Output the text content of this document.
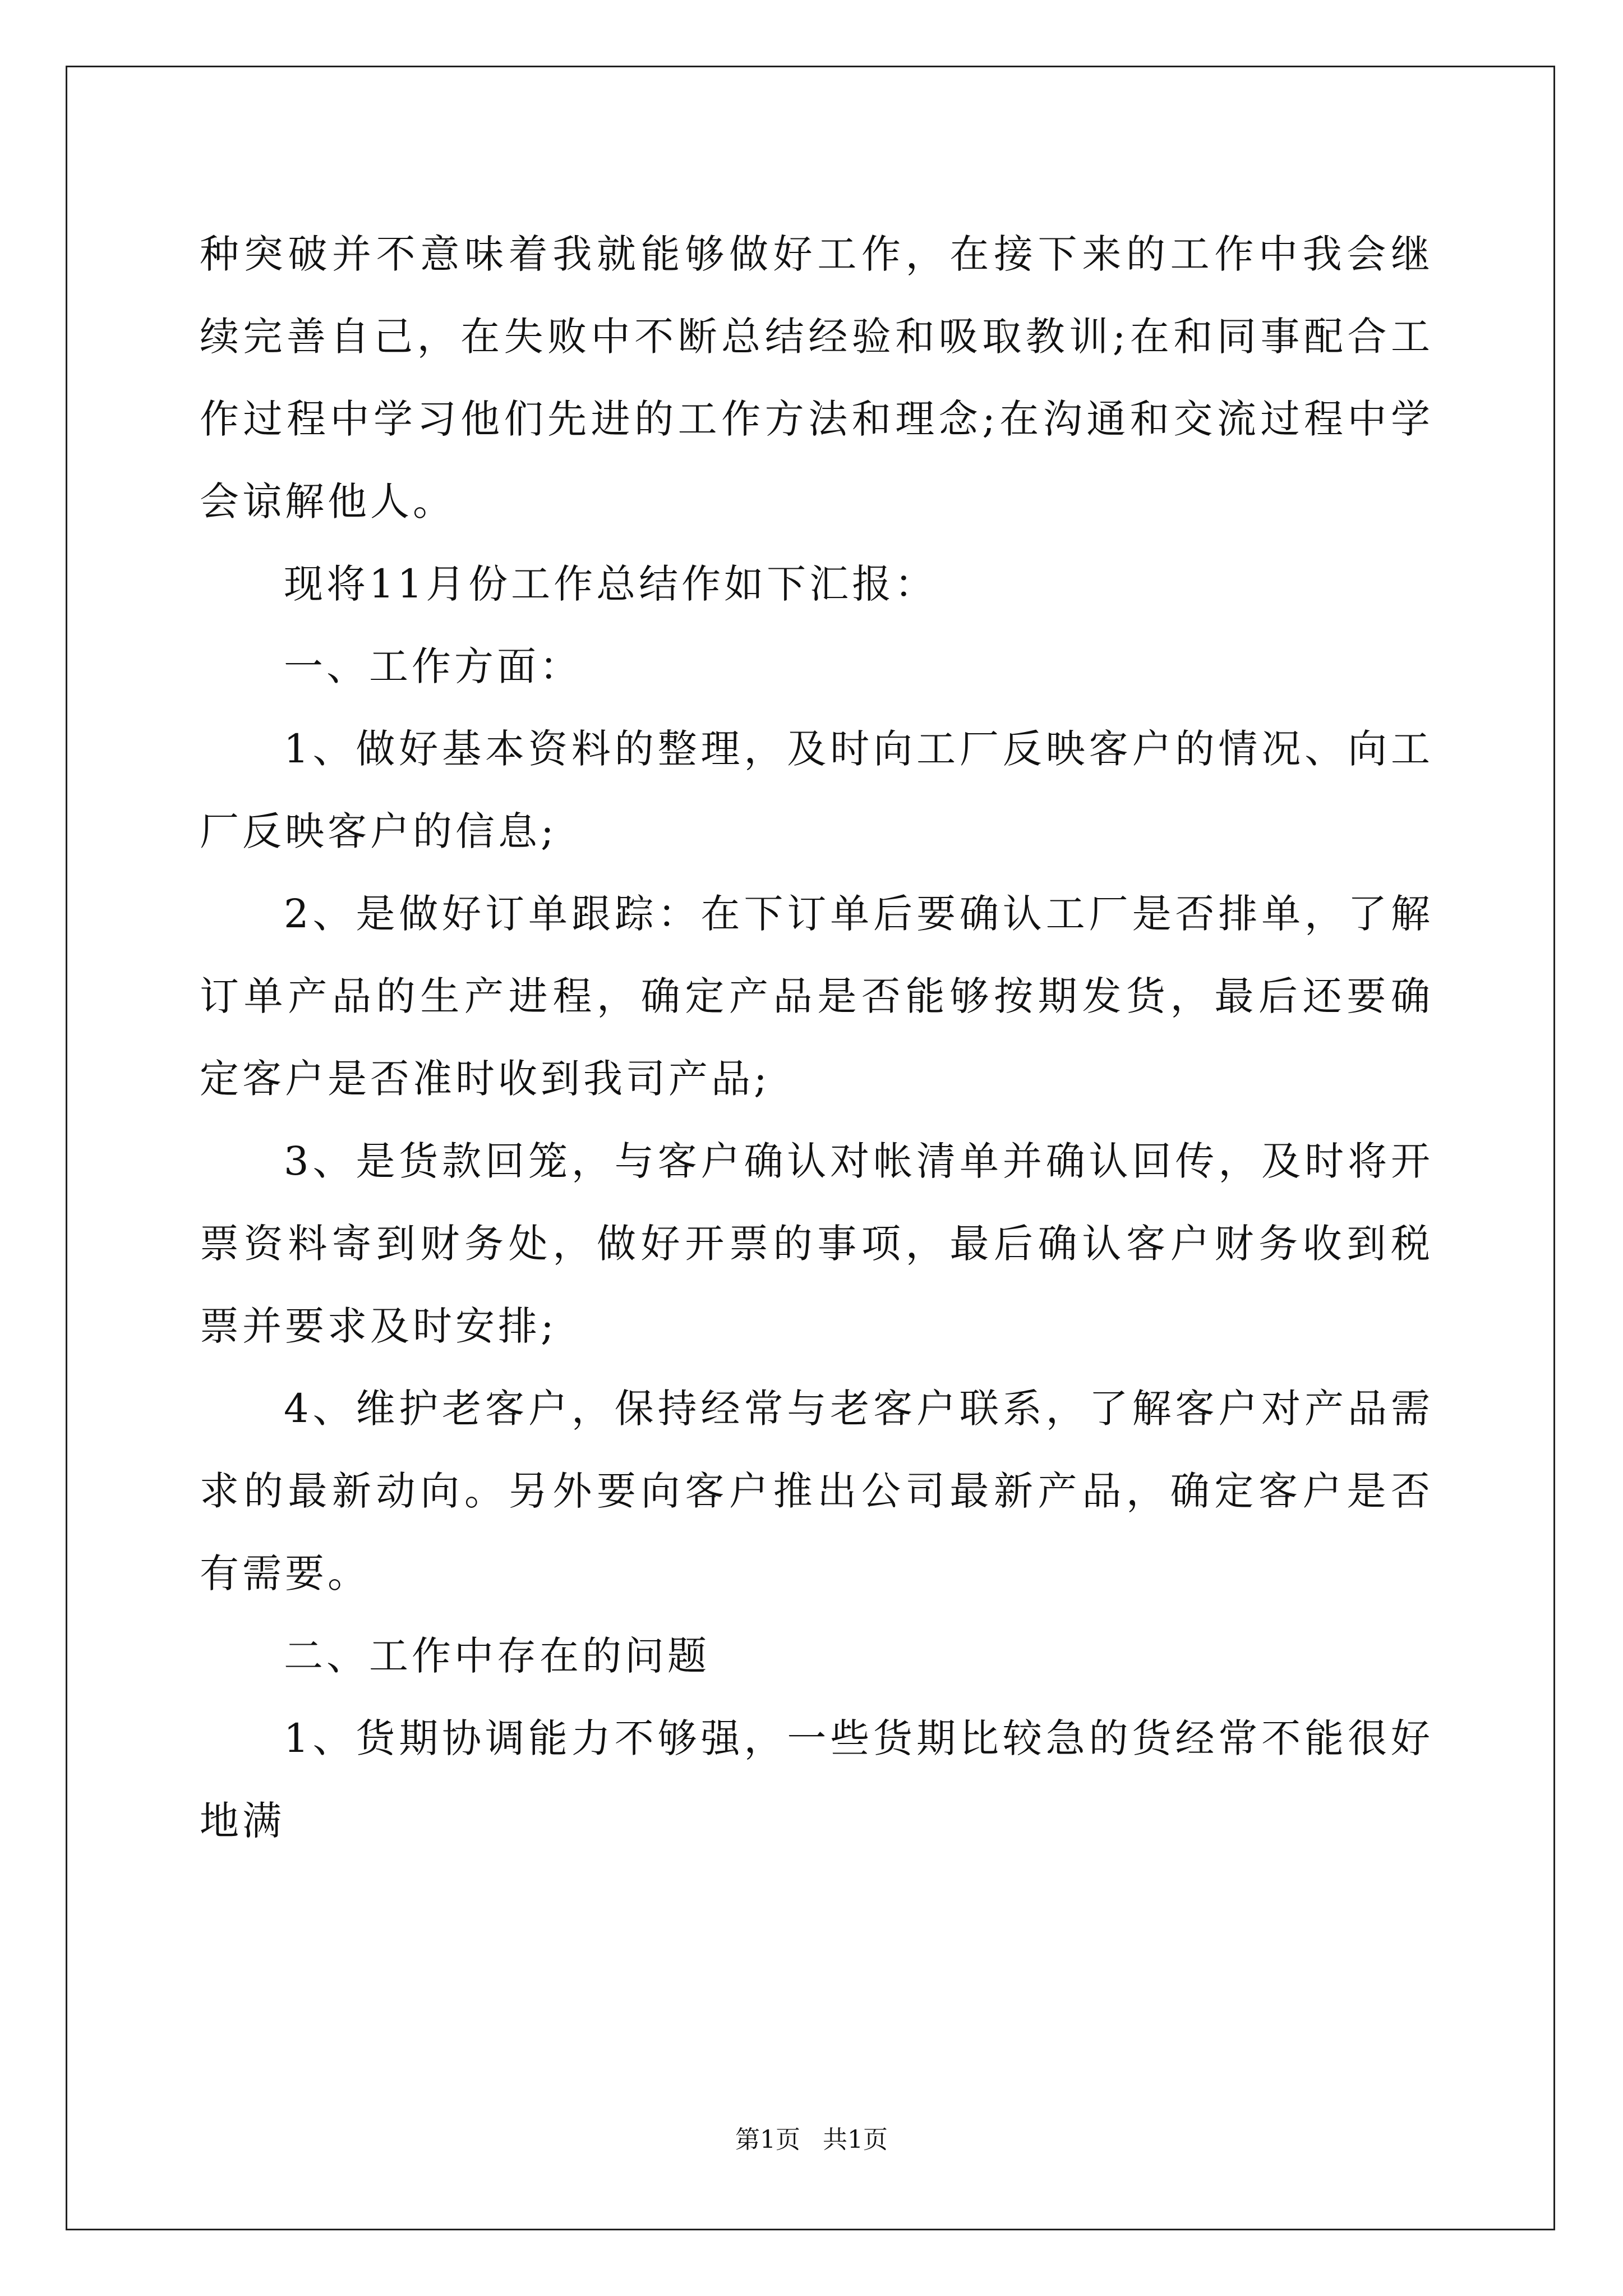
种突破并不意味着我就能够做好工作，在接下来的工作中我会继续完善自己，在失败中不断总结经验和吸取教训;在和同事配合工作过程中学习他们先进的工作方法和理念;在沟通和交流过程中学会谅解他人。

现将11月份工作总结作如下汇报：

一、工作方面：

1、做好基本资料的整理，及时向工厂反映客户的情况、向工厂反映客户的信息;

2、是做好订单跟踪：在下订单后要确认工厂是否排单，了解订单产品的生产进程，确定产品是否能够按期发货，最后还要确定客户是否准时收到我司产品;

3、是货款回笼，与客户确认对帐清单并确认回传，及时将开票资料寄到财务处，做好开票的事项，最后确认客户财务收到税票并要求及时安排;

4、维护老客户，保持经常与老客户联系，了解客户对产品需求的最新动向。另外要向客户推出公司最新产品，确定客户是否有需要。

二、工作中存在的问题

1、货期协调能力不够强，一些货期比较急的货经常不能很好地满

第1页 共1页
